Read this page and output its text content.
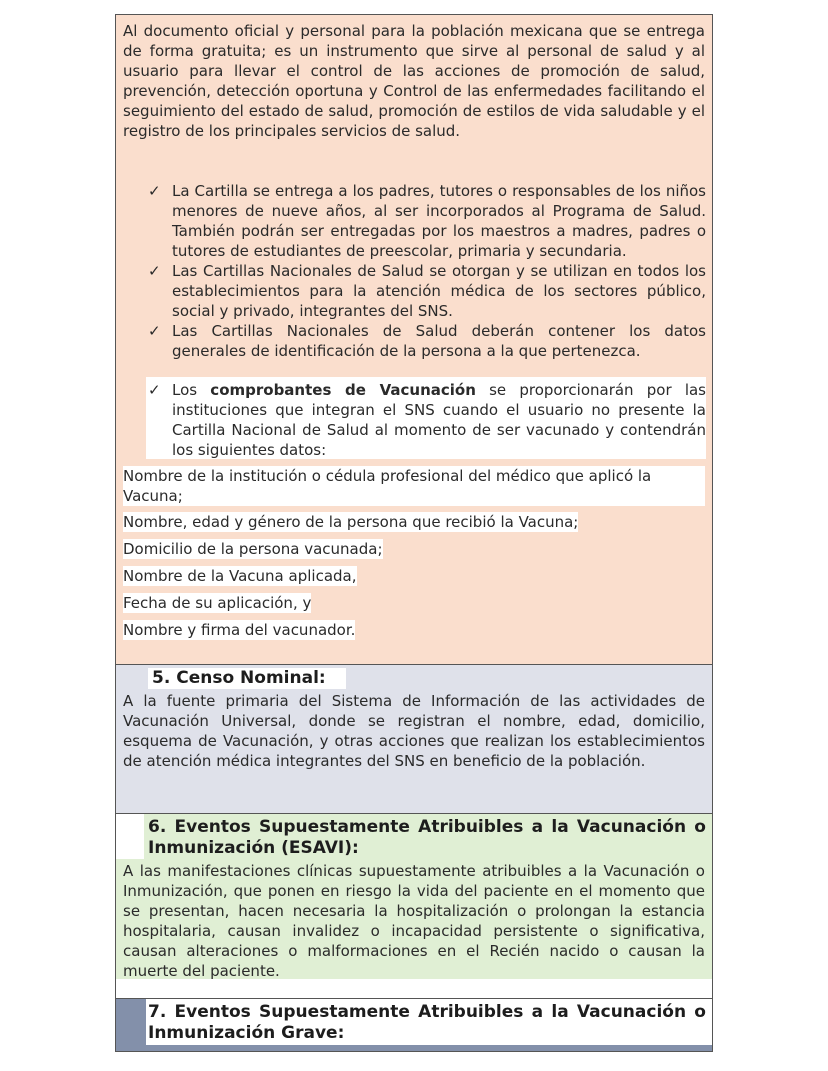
Al documento oficial y personal para la población mexicana que se entrega de forma gratuita; es un instrumento que sirve al personal de salud y al usuario para llevar el control de las acciones de promoción de salud, prevención, detección oportuna y Control de las enfermedades facilitando el seguimiento del estado de salud, promoción de estilos de vida saludable y el registro de los principales servicios de salud.

✓ La Cartilla se entrega a los padres, tutores o responsables de los niños menores de nueve años, al ser incorporados al Programa de Salud. También podrán ser entregadas por los maestros a madres, padres o tutores de estudiantes de preescolar, primaria y secundaria.
✓ Las Cartillas Nacionales de Salud se otorgan y se utilizan en todos los establecimientos para la atención médica de los sectores público, social y privado, integrantes del SNS.
✓ Las Cartillas Nacionales de Salud deberán contener los datos generales de identificación de la persona a la que pertenezca.
✓ Los comprobantes de Vacunación se proporcionarán por las instituciones que integran el SNS cuando el usuario no presente la Cartilla Nacional de Salud al momento de ser vacunado y contendrán los siguientes datos:

Nombre de la institución o cédula profesional del médico que aplicó la Vacuna;

Nombre, edad y género de la persona que recibió la Vacuna;

Domicilio de la persona vacunada;

Nombre de la Vacuna aplicada,

Fecha de su aplicación, y

Nombre y firma del vacunador.

5. Censo Nominal:

A la fuente primaria del Sistema de Información de las actividades de Vacunación Universal, donde se registran el nombre, edad, domicilio, esquema de Vacunación, y otras acciones que realizan los establecimientos de atención médica integrantes del SNS en beneficio de la población.

6. Eventos Supuestamente Atribuibles a la Vacunación o Inmunización (ESAVI):

A las manifestaciones clínicas supuestamente atribuibles a la Vacunación o Inmunización, que ponen en riesgo la vida del paciente en el momento que se presentan, hacen necesaria la hospitalización o prolongan la estancia hospitalaria, causan invalidez o incapacidad persistente o significativa, causan alteraciones o malformaciones en el Recién nacido o causan la muerte del paciente.

7. Eventos Supuestamente Atribuibles a la Vacunación o Inmunización Grave:
